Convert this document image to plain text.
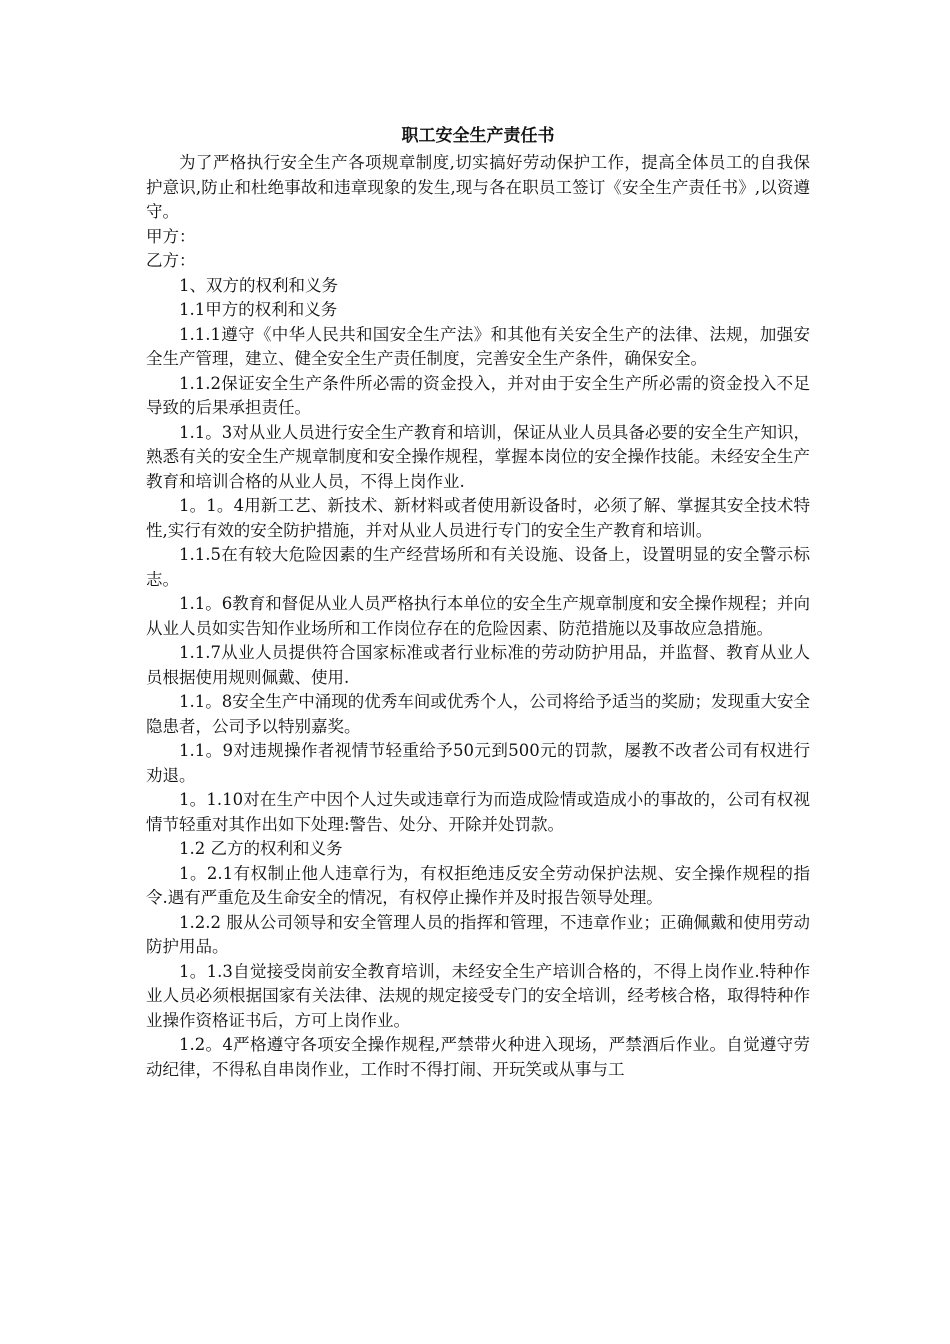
职工安全生产责任书

为了严格执行安全生产各项规章制度,切实搞好劳动保护工作，提高全体员工的自我保护意识,防止和杜绝事故和违章现象的发生,现与各在职员工签订《安全生产责任书》,以资遵守。

甲方：

乙方：

1、双方的权利和义务

1.1甲方的权利和义务

1.1.1遵守《中华人民共和国安全生产法》和其他有关安全生产的法律、法规，加强安全生产管理，建立、健全安全生产责任制度，完善安全生产条件，确保安全。

1.1.2保证安全生产条件所必需的资金投入，并对由于安全生产所必需的资金投入不足导致的后果承担责任。

1.1。3对从业人员进行安全生产教育和培训，保证从业人员具备必要的安全生产知识，熟悉有关的安全生产规章制度和安全操作规程，掌握本岗位的安全操作技能。未经安全生产教育和培训合格的从业人员，不得上岗作业.

1。1。4用新工艺、新技术、新材料或者使用新设备时，必须了解、掌握其安全技术特性,实行有效的安全防护措施，并对从业人员进行专门的安全生产教育和培训。

1.1.5在有较大危险因素的生产经营场所和有关设施、设备上，设置明显的安全警示标志。

1.1。6教育和督促从业人员严格执行本单位的安全生产规章制度和安全操作规程；并向从业人员如实告知作业场所和工作岗位存在的危险因素、防范措施以及事故应急措施。

1.1.7从业人员提供符合国家标准或者行业标准的劳动防护用品，并监督、教育从业人员根据使用规则佩戴、使用.

1.1。8安全生产中涌现的优秀车间或优秀个人，公司将给予适当的奖励；发现重大安全隐患者，公司予以特别嘉奖。

1.1。9对违规操作者视情节轻重给予50元到500元的罚款，屡教不改者公司有权进行劝退。

1。1.10对在生产中因个人过失或违章行为而造成险情或造成小的事故的，公司有权视情节轻重对其作出如下处理:警告、处分、开除并处罚款。

1.2 乙方的权利和义务

1。2.1有权制止他人违章行为，有权拒绝违反安全劳动保护法规、安全操作规程的指令.遇有严重危及生命安全的情况，有权停止操作并及时报告领导处理。

1.2.2 服从公司领导和安全管理人员的指挥和管理，不违章作业；正确佩戴和使用劳动防护用品。

1。1.3自觉接受岗前安全教育培训，未经安全生产培训合格的，不得上岗作业.特种作业人员必须根据国家有关法律、法规的规定接受专门的安全培训，经考核合格，取得特种作业操作资格证书后，方可上岗作业。

1.2。4严格遵守各项安全操作规程,严禁带火种进入现场，严禁酒后作业。自觉遵守劳动纪律，不得私自串岗作业，工作时不得打闹、开玩笑或从事与工
